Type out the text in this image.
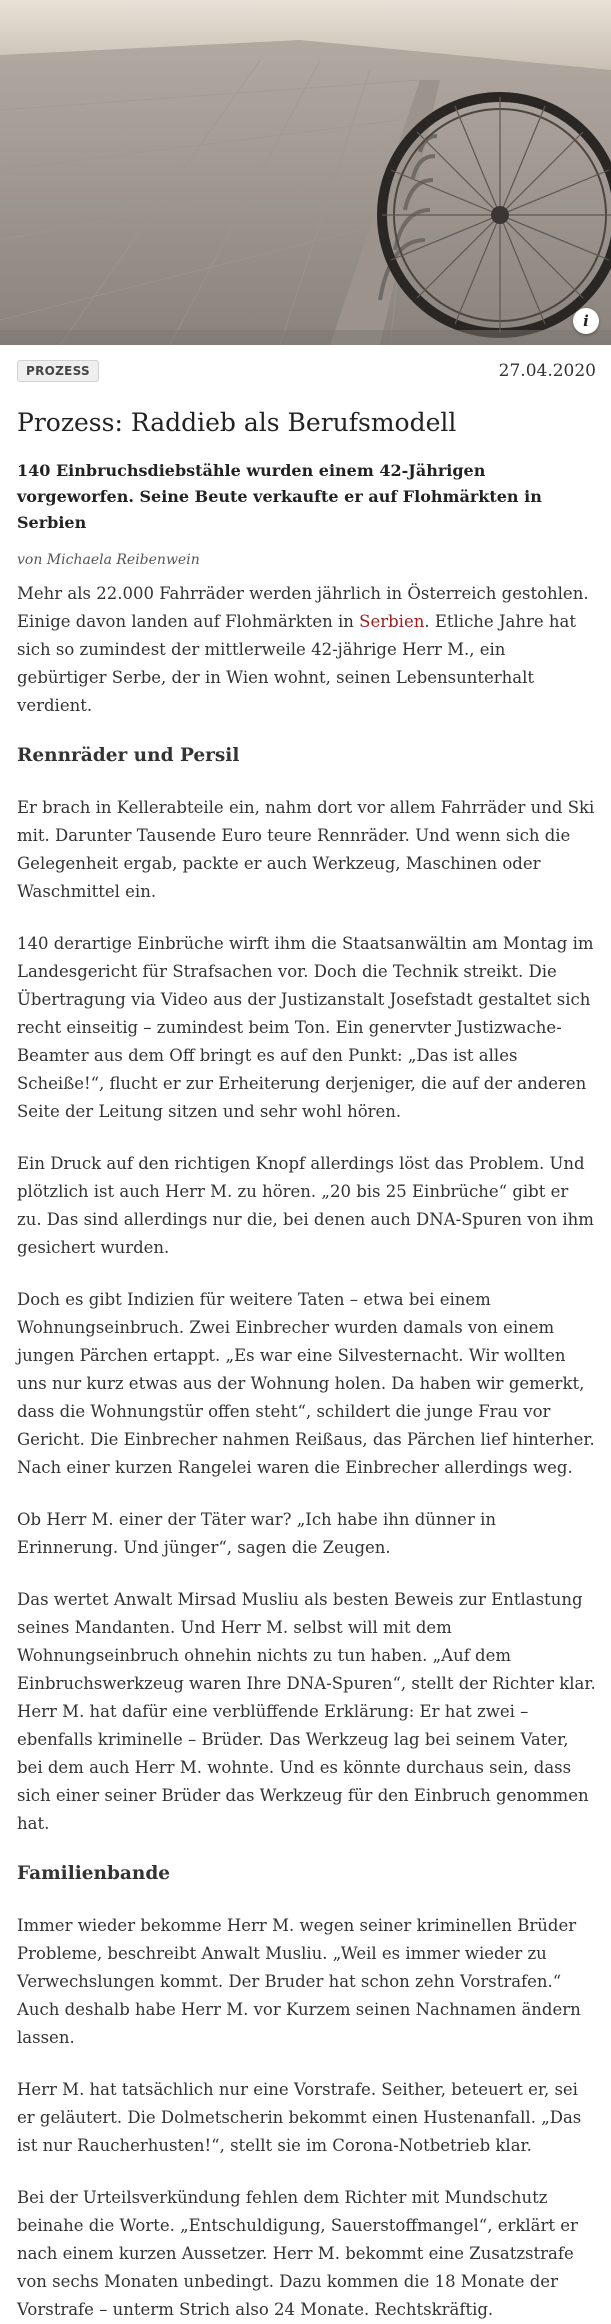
i
PROZESS	27.04.2020
Prozess: Raddieb als Berufsmodell

140 Einbruchsdiebstähle wurden einem 42-Jährigen vorgeworfen. Seine Beute verkaufte er auf Flohmärkten in Serbien

von Michaela Reibenwein

Mehr als 22.000 Fahrräder werden jährlich in Österreich gestohlen. Einige davon landen auf Flohmärkten in Serbien. Etliche Jahre hat sich so zumindest der mittlerweile 42-jährige Herr M., ein gebürtiger Serbe, der in Wien wohnt, seinen Lebensunterhalt verdient.

Rennräder und Persil

Er brach in Kellerabteile ein, nahm dort vor allem Fahrräder und Ski mit. Darunter Tausende Euro teure Rennräder. Und wenn sich die Gelegenheit ergab, packte er auch Werkzeug, Maschinen oder Waschmittel ein.

140 derartige Einbrüche wirft ihm die Staatsanwältin am Montag im Landesgericht für Strafsachen vor. Doch die Technik streikt. Die Übertragung via Video aus der Justizanstalt Josefstadt gestaltet sich recht einseitig – zumindest beim Ton. Ein genervter Justizwache-Beamter aus dem Off bringt es auf den Punkt: „Das ist alles Scheiße!“, flucht er zur Erheiterung derjeniger, die auf der anderen Seite der Leitung sitzen und sehr wohl hören.

Ein Druck auf den richtigen Knopf allerdings löst das Problem. Und plötzlich ist auch Herr M. zu hören. „20 bis 25 Einbrüche“ gibt er zu. Das sind allerdings nur die, bei denen auch DNA-Spuren von ihm gesichert wurden.

Doch es gibt Indizien für weitere Taten – etwa bei einem Wohnungseinbruch. Zwei Einbrecher wurden damals von einem jungen Pärchen ertappt. „Es war eine Silvesternacht. Wir wollten uns nur kurz etwas aus der Wohnung holen. Da haben wir gemerkt, dass die Wohnungstür offen steht“, schildert die junge Frau vor Gericht. Die Einbrecher nahmen Reißaus, das Pärchen lief hinterher. Nach einer kurzen Rangelei waren die Einbrecher allerdings weg.

Ob Herr M. einer der Täter war? „Ich habe ihn dünner in Erinnerung. Und jünger“, sagen die Zeugen.

Das wertet Anwalt Mirsad Musliu als besten Beweis zur Entlastung seines Mandanten. Und Herr M. selbst will mit dem Wohnungseinbruch ohnehin nichts zu tun haben. „Auf dem Einbruchswerkzeug waren Ihre DNA-Spuren“, stellt der Richter klar. Herr M. hat dafür eine verblüffende Erklärung: Er hat zwei – ebenfalls kriminelle – Brüder. Das Werkzeug lag bei seinem Vater, bei dem auch Herr M. wohnte. Und es könnte durchaus sein, dass sich einer seiner Brüder das Werkzeug für den Einbruch genommen hat.

Familienbande

Immer wieder bekomme Herr M. wegen seiner kriminellen Brüder Probleme, beschreibt Anwalt Musliu. „Weil es immer wieder zu Verwechslungen kommt. Der Bruder hat schon zehn Vorstrafen.“ Auch deshalb habe Herr M. vor Kurzem seinen Nachnamen ändern lassen.

Herr M. hat tatsächlich nur eine Vorstrafe. Seither, beteuert er, sei er geläutert. Die Dolmetscherin bekommt einen Hustenanfall. „Das ist nur Raucherhusten!“, stellt sie im Corona-Notbetrieb klar.

Bei der Urteilsverkündung fehlen dem Richter mit Mundschutz beinahe die Worte. „Entschuldigung, Sauerstoffmangel“, erklärt er nach einem kurzen Aussetzer. Herr M. bekommt eine Zusatzstrafe von sechs Monaten unbedingt. Dazu kommen die 18 Monate der Vorstrafe – unterm Strich also 24 Monate. Rechtskräftig.
